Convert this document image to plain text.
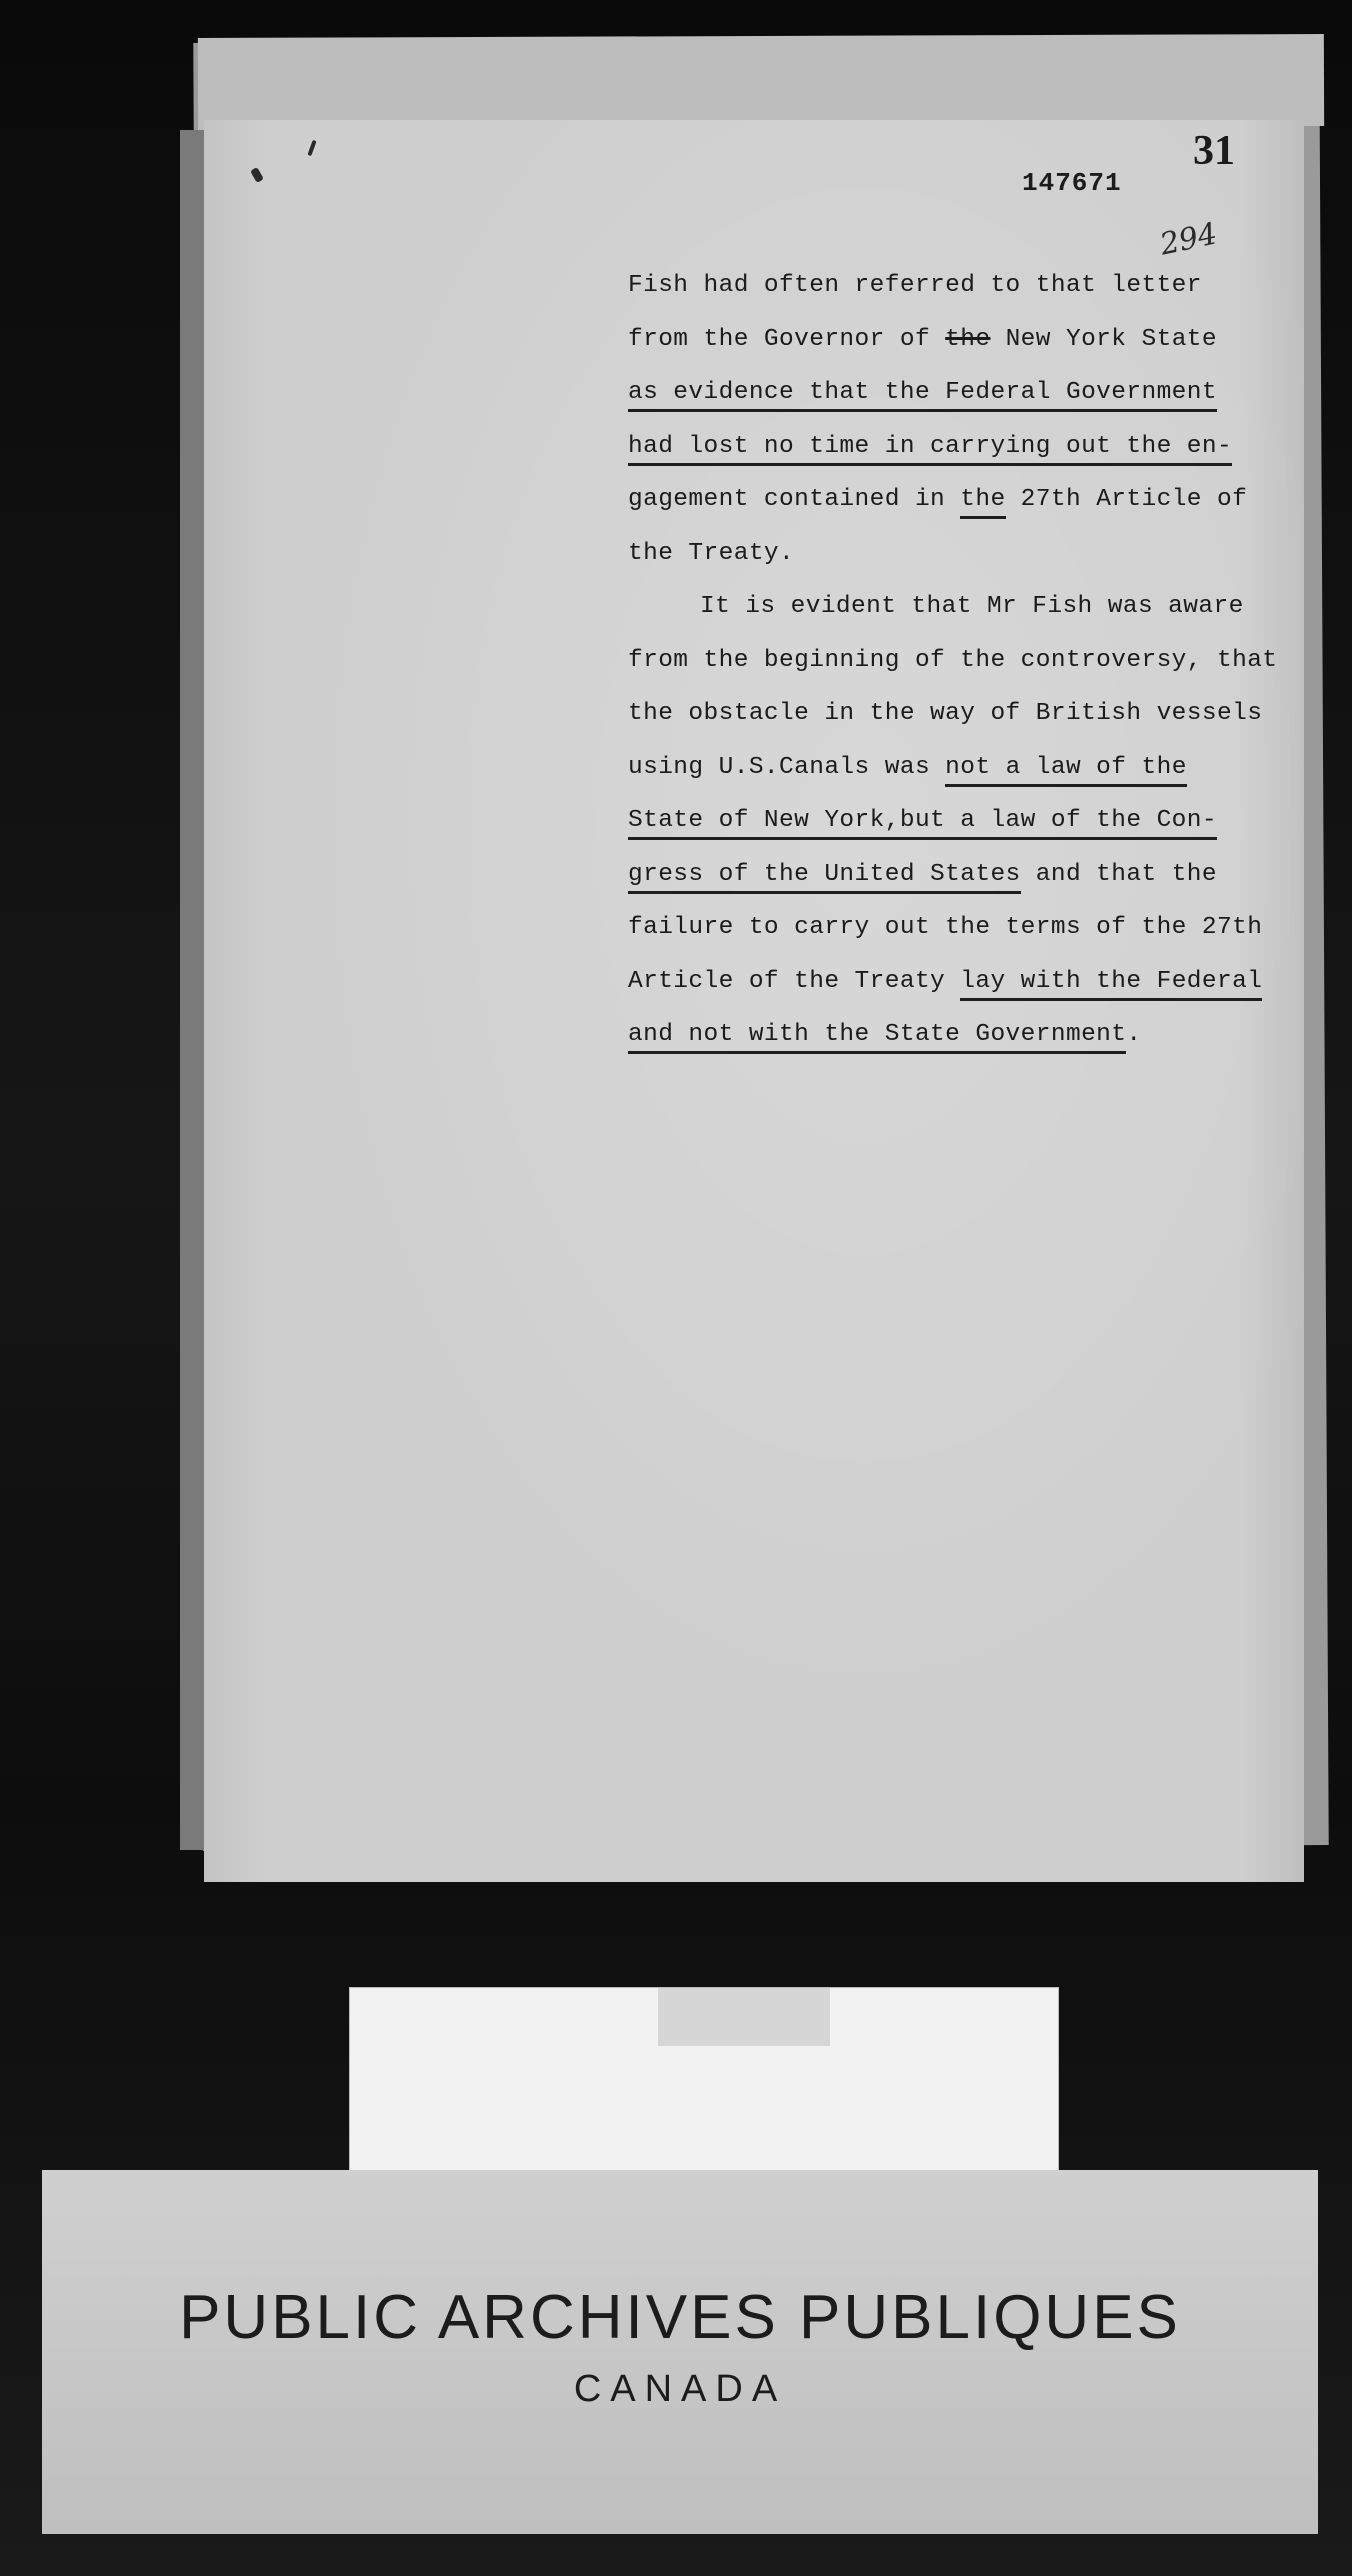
31
147671
294
Fish had often referred to that letter
from the Governor of the New York State
as evidence that the Federal Government
had lost no time in carrying out the en-
gagement contained in the 27th Article of
the Treaty.
It is evident that Mr Fish was aware
from the beginning of the controversy, that
the obstacle in the way of British vessels
using U.S.Canals was not a law of the
State of New York,but a law of the Con-
gress of the United States and that the
failure to carry out the terms of the 27th
Article of the Treaty lay with the Federal
and not with the State Government.
PUBLIC ARCHIVES PUBLIQUES
CANADA
